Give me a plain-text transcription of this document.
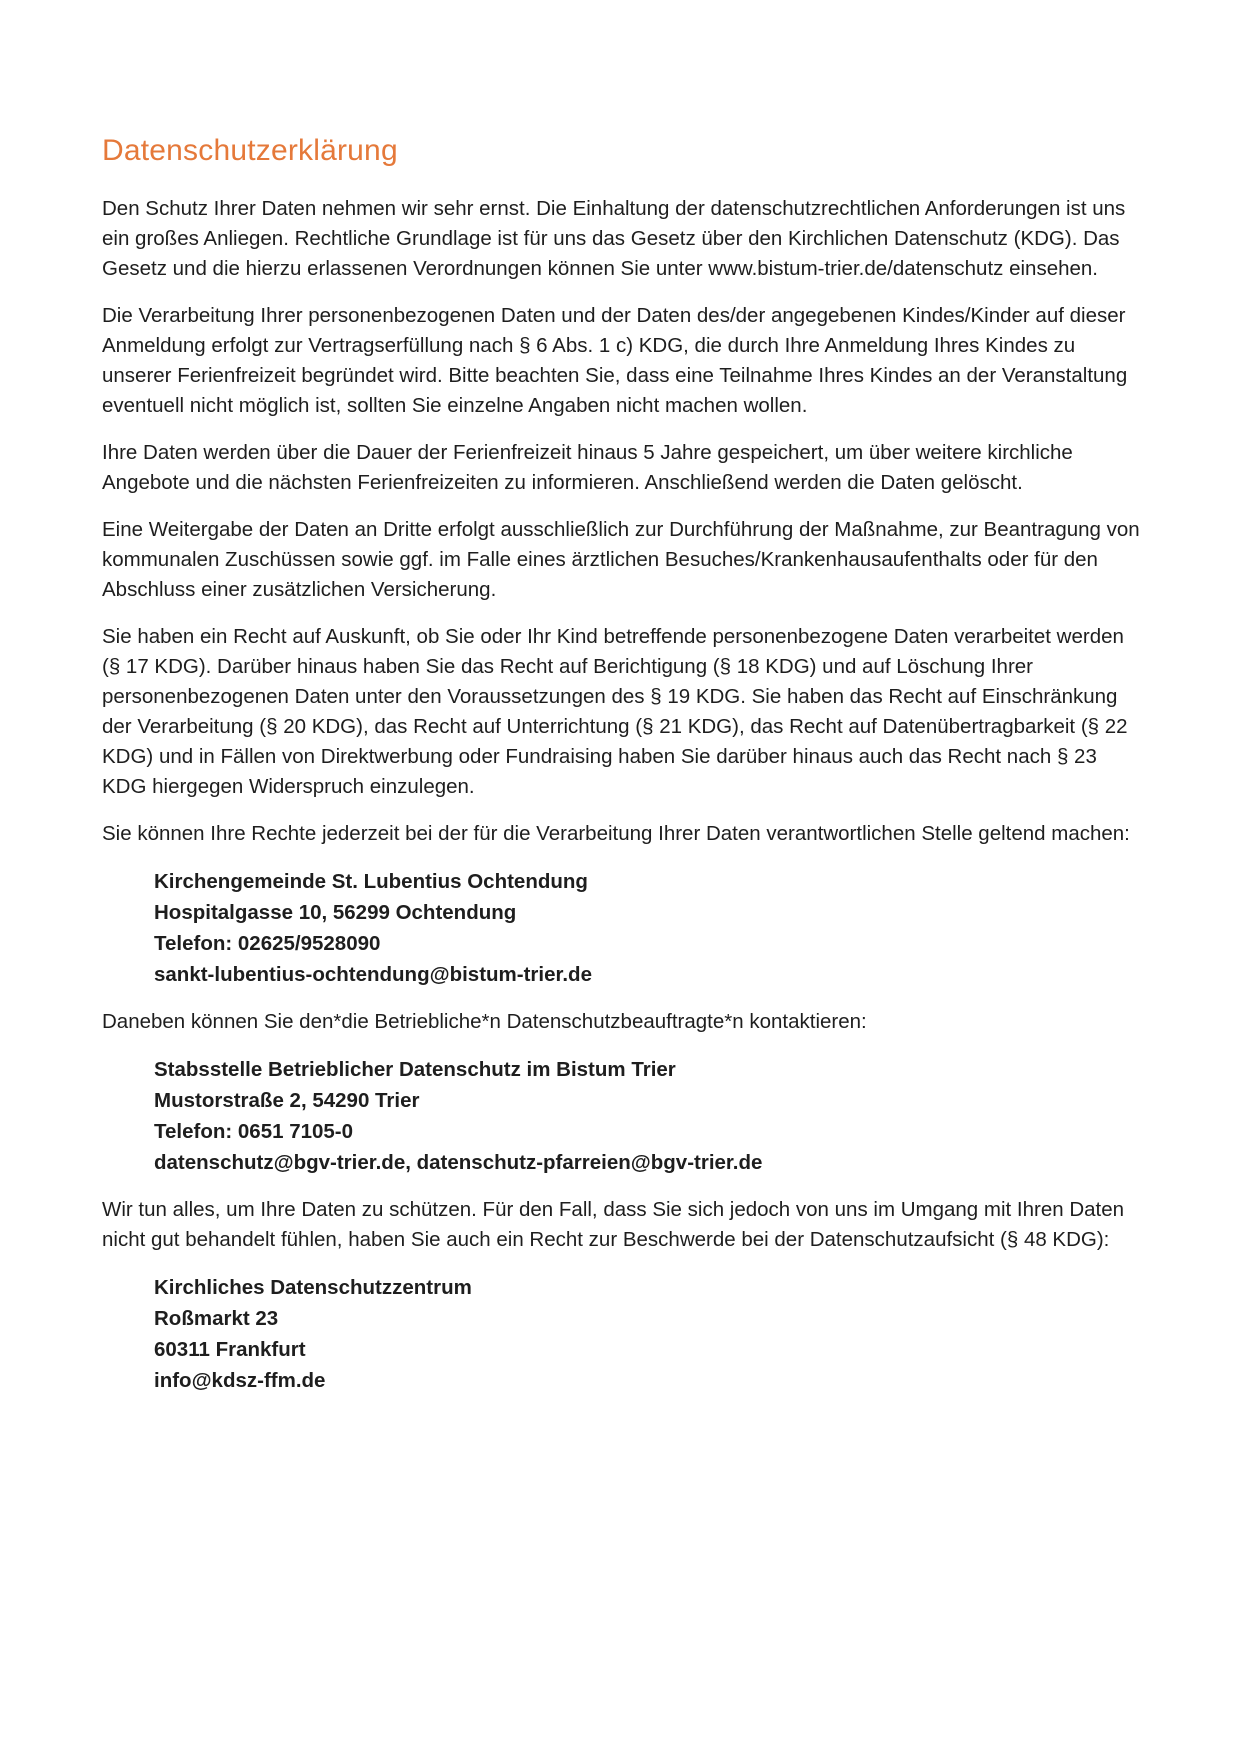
Datenschutzerklärung

Den Schutz Ihrer Daten nehmen wir sehr ernst. Die Einhaltung der datenschutzrechtlichen Anforderungen ist uns ein großes Anliegen. Rechtliche Grundlage ist für uns das Gesetz über den Kirchlichen Datenschutz (KDG). Das Gesetz und die hierzu erlassenen Verordnungen können Sie unter www.bistum-trier.de/datenschutz einsehen.

Die Verarbeitung Ihrer personenbezogenen Daten und der Daten des/der angegebenen Kindes/Kinder auf dieser Anmeldung erfolgt zur Vertragserfüllung nach § 6 Abs. 1 c) KDG, die durch Ihre Anmeldung Ihres Kindes zu unserer Ferienfreizeit begründet wird. Bitte beachten Sie, dass eine Teilnahme Ihres Kindes an der Veranstaltung eventuell nicht möglich ist, sollten Sie einzelne Angaben nicht machen wollen.

Ihre Daten werden über die Dauer der Ferienfreizeit hinaus 5 Jahre gespeichert, um über weitere kirchliche Angebote und die nächsten Ferienfreizeiten zu informieren. Anschließend werden die Daten gelöscht.

Eine Weitergabe der Daten an Dritte erfolgt ausschließlich zur Durchführung der Maßnahme, zur Beantragung von kommunalen Zuschüssen sowie ggf. im Falle eines ärztlichen Besuches/Krankenhausaufenthalts oder für den Abschluss einer zusätzlichen Versicherung.

Sie haben ein Recht auf Auskunft, ob Sie oder Ihr Kind betreffende personenbezogene Daten verarbeitet werden (§ 17 KDG). Darüber hinaus haben Sie das Recht auf Berichtigung (§ 18 KDG) und auf Löschung Ihrer personenbezogenen Daten unter den Voraussetzungen des § 19 KDG. Sie haben das Recht auf Einschränkung der Verarbeitung (§ 20 KDG), das Recht auf Unterrichtung (§ 21 KDG), das Recht auf Datenübertragbarkeit (§ 22 KDG) und in Fällen von Direktwerbung oder Fundraising haben Sie darüber hinaus auch das Recht nach § 23 KDG hiergegen Widerspruch einzulegen.

Sie können Ihre Rechte jederzeit bei der für die Verarbeitung Ihrer Daten verantwortlichen Stelle geltend machen:

Kirchengemeinde St. Lubentius Ochtendung
Hospitalgasse 10, 56299 Ochtendung
Telefon: 02625/9528090
sankt-lubentius-ochtendung@bistum-trier.de

Daneben können Sie den*die Betriebliche*n Datenschutzbeauftragte*n kontaktieren:

Stabsstelle Betrieblicher Datenschutz im Bistum Trier
Mustorstraße 2, 54290 Trier
Telefon: 0651 7105-0
datenschutz@bgv-trier.de, datenschutz-pfarreien@bgv-trier.de

Wir tun alles, um Ihre Daten zu schützen. Für den Fall, dass Sie sich jedoch von uns im Umgang mit Ihren Daten nicht gut behandelt fühlen, haben Sie auch ein Recht zur Beschwerde bei der Datenschutzaufsicht (§ 48 KDG):

Kirchliches Datenschutzzentrum
Roßmarkt 23
60311 Frankfurt
info@kdsz-ffm.de
